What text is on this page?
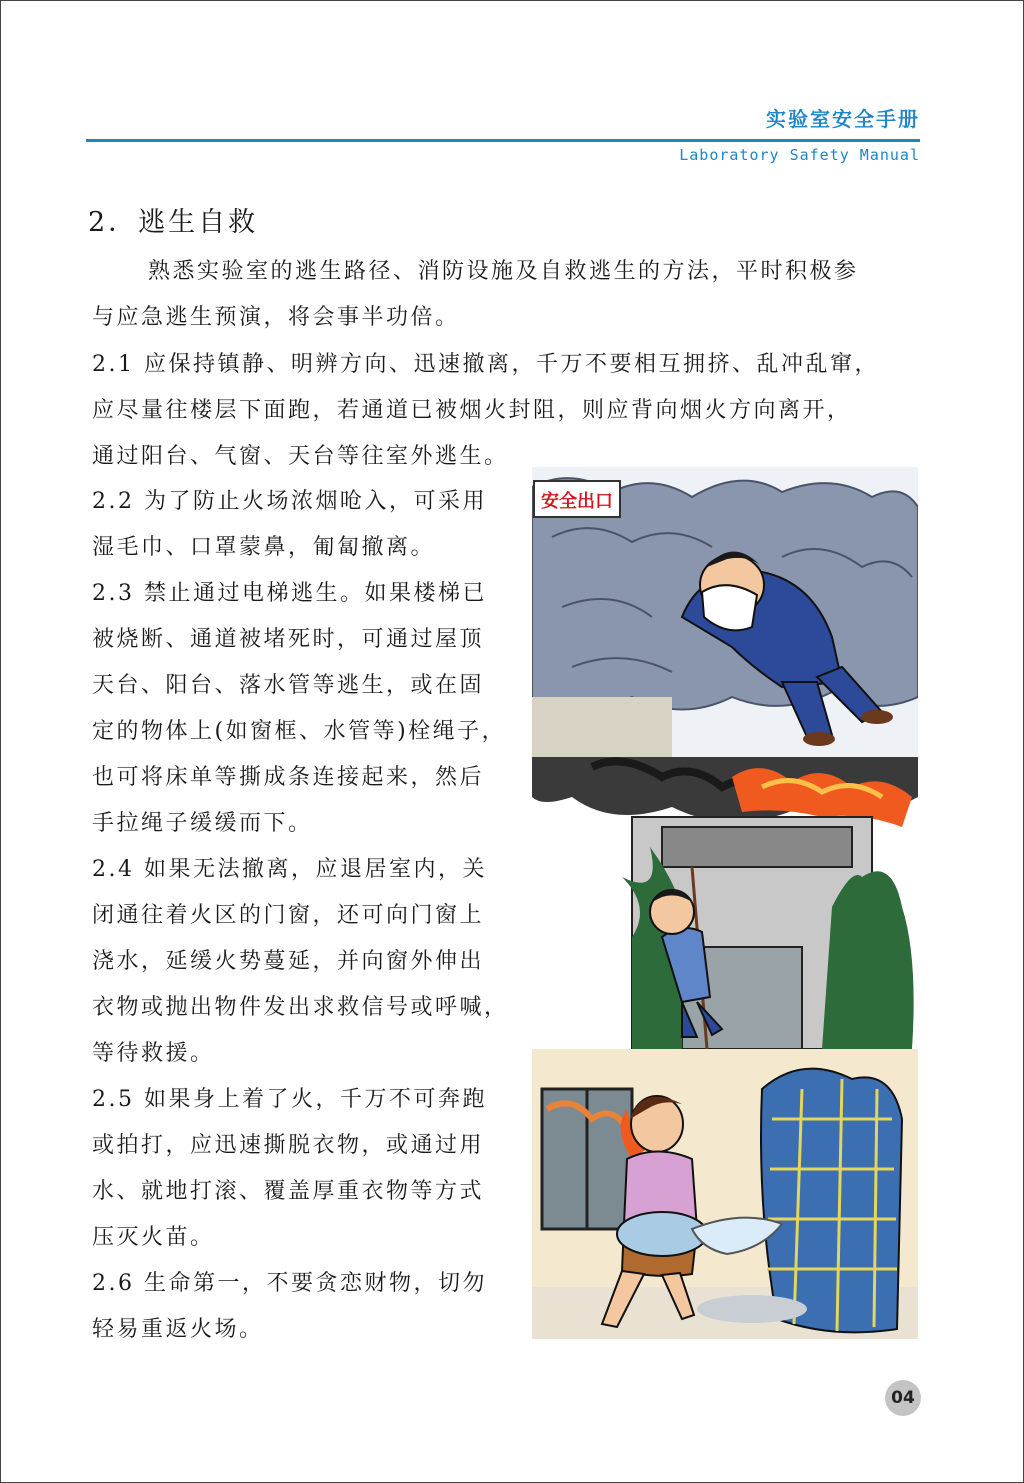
实验室安全手册
Laboratory Safety Manual
2．逃生自救

熟悉实验室的逃生路径、消防设施及自救逃生的方法，平时积极参

与应急逃生预演，将会事半功倍。

2.1 应保持镇静、明辨方向、迅速撤离，千万不要相互拥挤、乱冲乱窜，

应尽量往楼层下面跑，若通道已被烟火封阻，则应背向烟火方向离开，

通过阳台、气窗、天台等往室外逃生。

2.2 为了防止火场浓烟呛入，可采用

湿毛巾、口罩蒙鼻，匍匐撤离。

2.3 禁止通过电梯逃生。如果楼梯已

被烧断、通道被堵死时，可通过屋顶

天台、阳台、落水管等逃生，或在固

定的物体上(如窗框、水管等)栓绳子，

也可将床单等撕成条连接起来，然后

手拉绳子缓缓而下。

2.4 如果无法撤离，应退居室内，关

闭通往着火区的门窗，还可向门窗上

浇水，延缓火势蔓延，并向窗外伸出

衣物或抛出物件发出求救信号或呼喊，

等待救援。

2.5 如果身上着了火，千万不可奔跑

或拍打，应迅速撕脱衣物，或通过用

水、就地打滚、覆盖厚重衣物等方式

压灭火苗。

2.6 生命第一，不要贪恋财物，切勿

轻易重返火场。

安全出口
04
